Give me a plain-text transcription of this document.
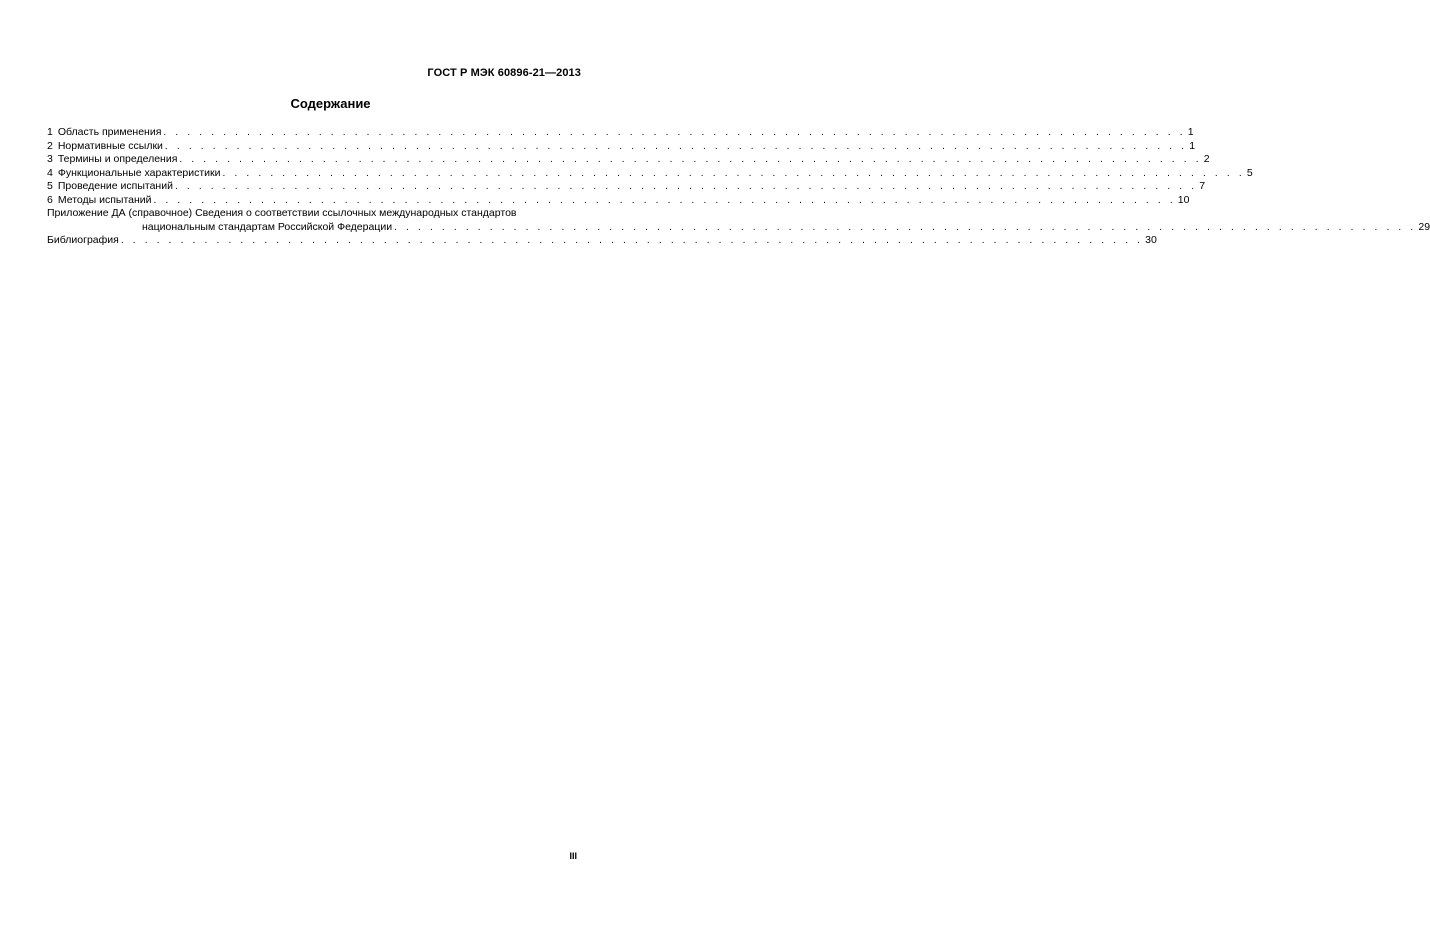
ГОСТ Р МЭК 60896-21—2013
Содержание
1 Область применения . . . . . . . . . . . . . . . . . . . . . . . . . . . . . . . . . . . . . . . . . . . . . . . . . . . . . . . . . . . . . . . . . . . . . . . . . . . . . . . . . . . . . . 1
2 Нормативные ссылки . . . . . . . . . . . . . . . . . . . . . . . . . . . . . . . . . . . . . . . . . . . . . . . . . . . . . . . . . . . . . . . . . . . . . . . . . . . . . . . . . . . . . . 1
3 Термины и определения . . . . . . . . . . . . . . . . . . . . . . . . . . . . . . . . . . . . . . . . . . . . . . . . . . . . . . . . . . . . . . . . . . . . . . . . . . . . . . . . . . . . . . 2
4 Функциональные характеристики . . . . . . . . . . . . . . . . . . . . . . . . . . . . . . . . . . . . . . . . . . . . . . . . . . . . . . . . . . . . . . . . . . . . . . . . . . . . . . . . . . . . . . 5
5 Проведение испытаний . . . . . . . . . . . . . . . . . . . . . . . . . . . . . . . . . . . . . . . . . . . . . . . . . . . . . . . . . . . . . . . . . . . . . . . . . . . . . . . . . . . . . . 7
6 Методы испытаний . . . . . . . . . . . . . . . . . . . . . . . . . . . . . . . . . . . . . . . . . . . . . . . . . . . . . . . . . . . . . . . . . . . . . . . . . . . . . . . . . . . . . . 10
Приложение ДА (справочное) Сведения о соответствии ссылочных международных стандартов
национальным стандартам Российской Федерации . . . . . . . . . . . . . . . . . . . . . . . . . . . . . . . . . . . . . . . . . . . . . . . . . . . . . . . . . . . . . . . . . . . . . . . . . . . . . . . . . . . . . . 29
Библиография . . . . . . . . . . . . . . . . . . . . . . . . . . . . . . . . . . . . . . . . . . . . . . . . . . . . . . . . . . . . . . . . . . . . . . . . . . . . . . . . . . . . . . 30
III
